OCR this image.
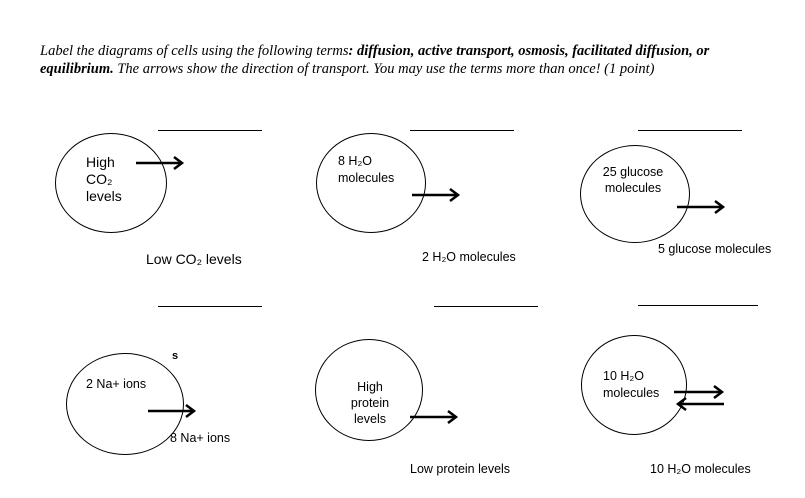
Label the diagrams of cells using the following terms: diffusion, active transport, osmosis, facilitated diffusion, or equilibrium. The arrows show the direction of transport. You may use the terms more than once! (1 point)
High
CO₂
levels
Low CO₂ levels
8 H₂O
molecules
2 H₂O molecules
25 glucose
molecules
5 glucose molecules
s
2 Na+ ions
8 Na+ ions
High
protein
levels
Low protein levels
10 H₂O
molecules
10 H₂O molecules
